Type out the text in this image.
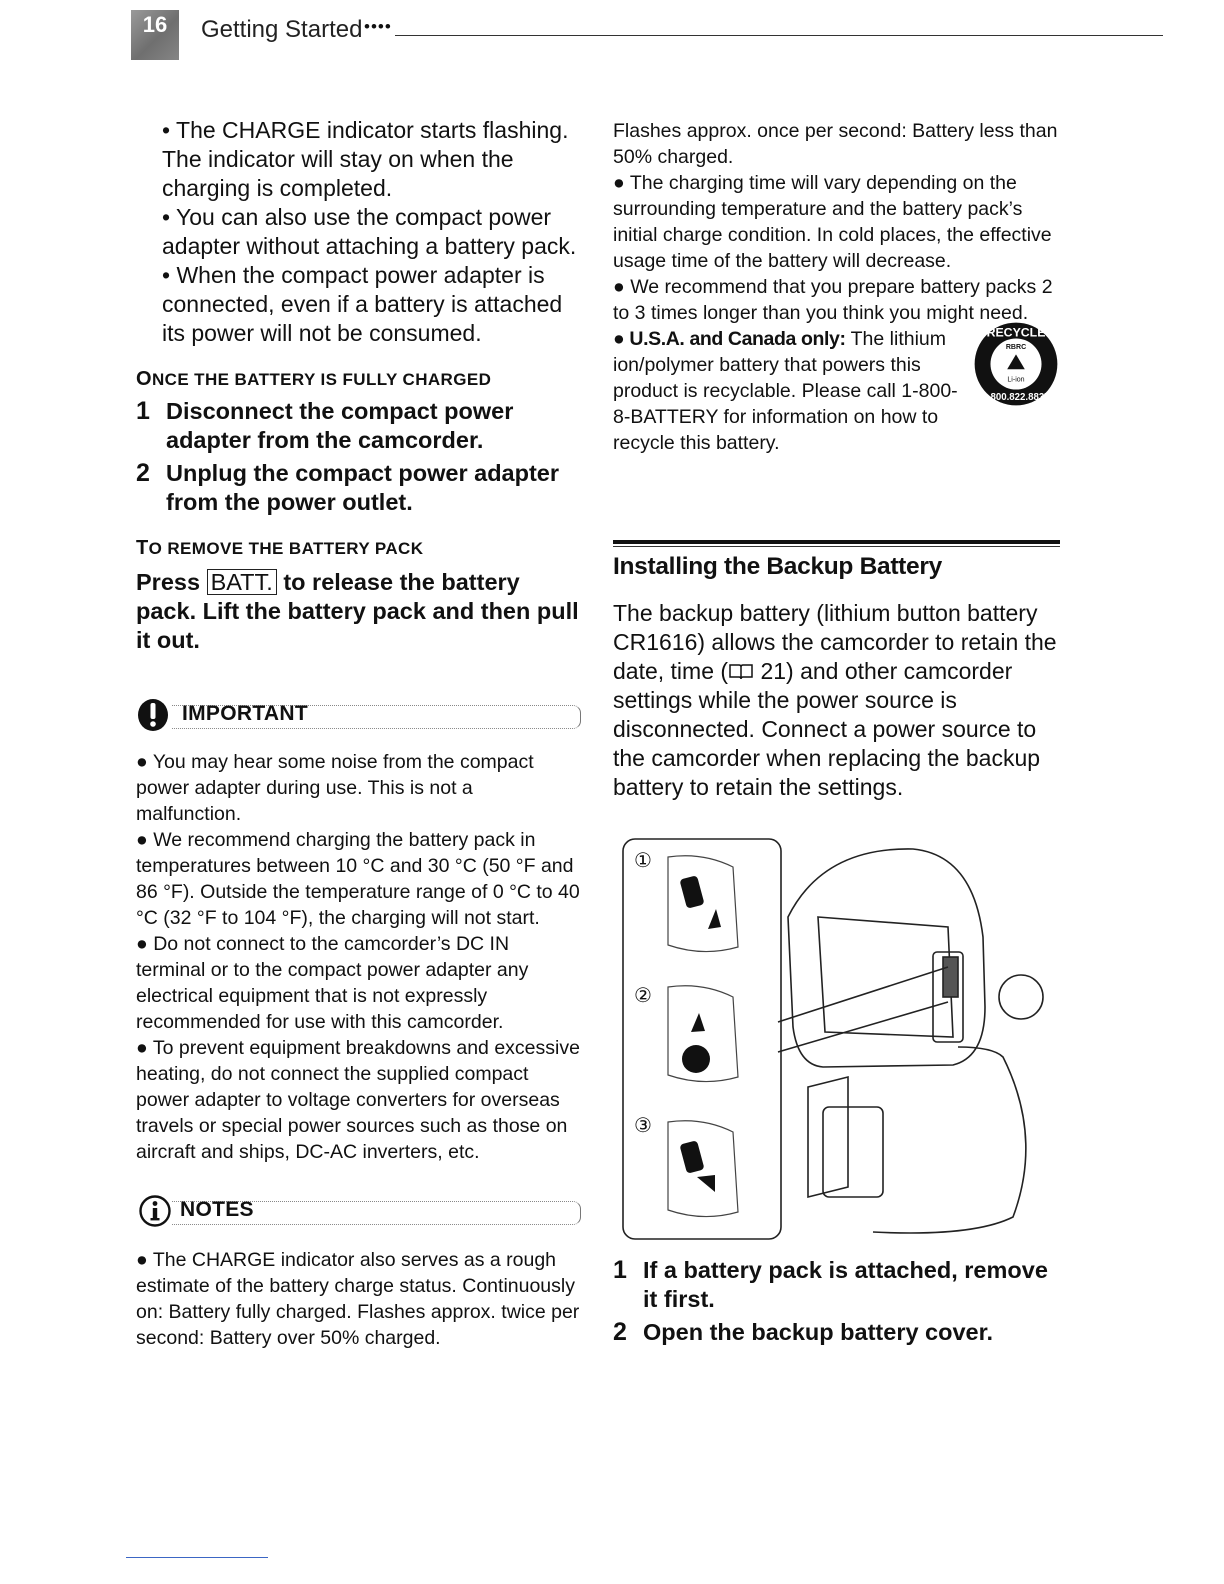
16	Getting Started ••••

• The CHARGE indicator starts flashing. The indicator will stay on when the charging is completed.

• You can also use the compact power adapter without attaching a battery pack.

• When the compact power adapter is connected, even if a battery is attached its power will not be consumed.

ONCE THE BATTERY IS FULLY CHARGED

1 Disconnect the compact power adapter from the camcorder.
2 Unplug the compact power adapter from the power outlet.

TO REMOVE THE BATTERY PACK

Press BATT. to release the battery pack. Lift the battery pack and then pull it out.

IMPORTANT

● You may hear some noise from the compact power adapter during use. This is not a malfunction.

● We recommend charging the battery pack in temperatures between 10 °C and 30 °C (50 °F and 86 °F). Outside the temperature range of 0 °C to 40 °C (32 °F to 104 °F), the charging will not start.

● Do not connect to the camcorder’s DC IN terminal or to the compact power adapter any electrical equipment that is not expressly recommended for use with this camcorder.

● To prevent equipment breakdowns and excessive heating, do not connect the supplied compact power adapter to voltage converters for overseas travels or special power sources such as those on aircraft and ships, DC-AC inverters, etc.

NOTES

● The CHARGE indicator also serves as a rough estimate of the battery charge status. Continuously on: Battery fully charged. Flashes approx. twice per second: Battery over 50% charged.

Flashes approx. once per second: Battery less than 50% charged.

● The charging time will vary depending on the surrounding temperature and the battery pack’s initial charge condition. In cold places, the effective usage time of the battery will decrease.

● We recommend that you prepare battery packs 2 to 3 times longer than you think you might need.

● U.S.A. and Canada only: The lithium ion/polymer battery that powers this product is recyclable. Please call 1-800-8-BATTERY for information on how to recycle this battery.
RECYCLE
RBRC
Li-ion
1.800.822.8837
Installing the Backup Battery

The backup battery (lithium button battery CR1616) allows the camcorder to retain the date, time ( 21) and other camcorder settings while the power source is disconnected. Connect a power source to the camcorder when replacing the backup battery to retain the settings.

①
②
③
1 If a battery pack is attached, remove it first.
2 Open the backup battery cover.
